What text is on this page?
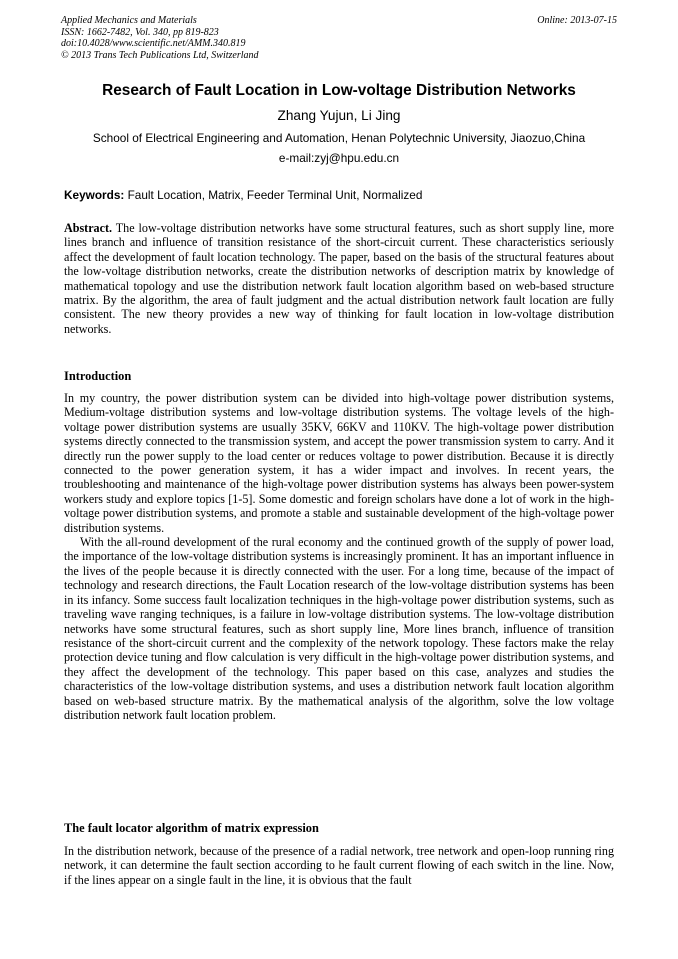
Applied Mechanics and Materials
ISSN: 1662-7482, Vol. 340, pp 819-823
doi:10.4028/www.scientific.net/AMM.340.819
© 2013 Trans Tech Publications Ltd, Switzerland
Online: 2013-07-15
Research of Fault Location in Low-voltage Distribution Networks
Zhang Yujun, Li Jing
School of Electrical Engineering and Automation, Henan Polytechnic University, Jiaozuo,China
e-mail:zyj@hpu.edu.cn
Keywords: Fault Location, Matrix, Feeder Terminal Unit, Normalized

Abstract. The low-voltage distribution networks have some structural features, such as short supply line, more lines branch and influence of transition resistance of the short-circuit current. These characteristics seriously affect the development of fault location technology. The paper, based on the basis of the structural features about the low-voltage distribution networks, create the distribution networks of description matrix by knowledge of mathematical topology and use the distribution network fault location algorithm based on web-based structure matrix. By the algorithm, the area of fault judgment and the actual distribution network fault location are fully consistent. The new theory provides a new way of thinking for fault location in low-voltage distribution networks.

Introduction

In my country, the power distribution system can be divided into high-voltage power distribution systems, Medium-voltage distribution systems and low-voltage distribution systems. The voltage levels of the high-voltage power distribution systems are usually 35KV, 66KV and 110KV. The high-voltage power distribution systems directly connected to the transmission system, and accept the power transmission system to carry. And it directly run the power supply to the load center or reduces voltage to power distribution. Because it is directly connected to the power generation system, it has a wider impact and involves. In recent years, the troubleshooting and maintenance of the high-voltage power distribution systems has always been power-system workers study and explore topics [1-5]. Some domestic and foreign scholars have done a lot of work in the high-voltage power distribution systems, and promote a stable and sustainable development of the high-voltage power distribution systems.

With the all-round development of the rural economy and the continued growth of the supply of power load, the importance of the low-voltage distribution systems is increasingly prominent. It has an important influence in the lives of the people because it is directly connected with the user. For a long time, because of the impact of technology and research directions, the Fault Location research of the low-voltage distribution systems has been in its infancy. Some success fault localization techniques in the high-voltage power distribution systems, such as traveling wave ranging techniques, is a failure in low-voltage distribution systems. The low-voltage distribution networks have some structural features, such as short supply line, More lines branch, influence of transition resistance of the short-circuit current and the complexity of the network topology. These factors make the relay protection device tuning and flow calculation is very difficult in the high-voltage power distribution systems, and they affect the development of the technology. This paper based on this case, analyzes and studies the characteristics of the low-voltage distribution systems, and uses a distribution network fault location algorithm based on web-based structure matrix. By the mathematical analysis of the algorithm, solve the low voltage distribution network fault location problem.

The fault locator algorithm of matrix expression

In the distribution network, because of the presence of a radial network, tree network and open-loop running ring network, it can determine the fault section according to he fault current flowing of each switch in the line. Now, if the lines appear on a single fault in the line, it is obvious that the fault
